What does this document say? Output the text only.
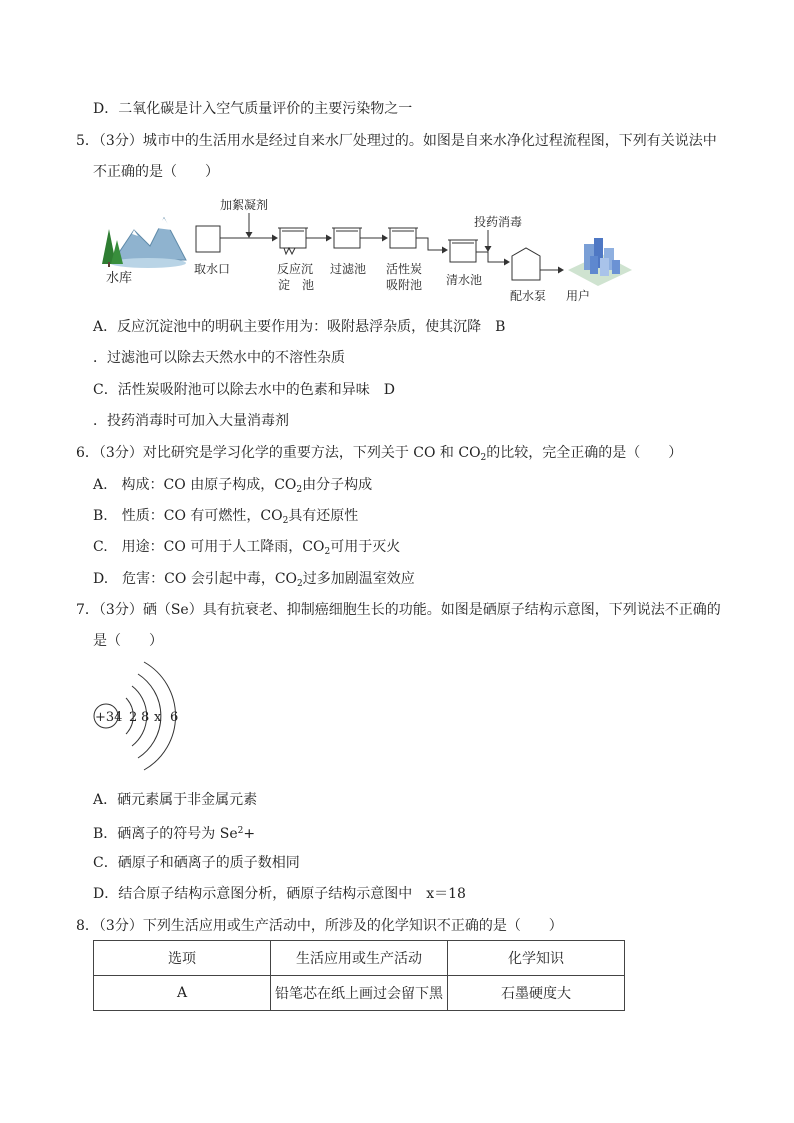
D．二氧化碳是计入空气质量评价的主要污染物之一
5．（3分）城市中的生活用水是经过自来水厂处理过的。如图是自来水净化过程流程图，下列有关说法中
不正确的是（　　）
水库
取水口
加絮凝剂
反应沉
淀　池
过滤池 活性炭
吸附池 清水池
投药消毒
配水泵 用户
A．反应沉淀池中的明矾主要作用为：吸附悬浮杂质，使其沉降　B
．过滤池可以除去天然水中的不溶性杂质
C．活性炭吸附池可以除去水中的色素和异味　D
．投药消毒时可加入大量消毒剂
6．（3分）对比研究是学习化学的重要方法，下列关于 CO 和 $CO_2$的比较，完全正确的是（　　）
A.　构成：CO 由原子构成，$CO_2$由分子构成
B.　性质：CO 有可燃性，$CO_2$具有还原性
C.　用途：CO 可用于人工降雨，$CO_2$可用于灭火
D.　危害：CO 会引起中毒，$CO_2$过多加剧温室效应
7．（3分）硒（Se）具有抗衰老、抑制癌细胞生长的功能。如图是硒原子结构示意图，下列说法不正确的
是（　　）
+34 2 8 x 6
A．硒元素属于非金属元素
B．硒离子的符号为 $Se^2+$
C．硒原子和硒离子的质子数相同
D．结合原子结构示意图分析，硒原子结构示意图中　x＝18
8．（3分）下列生活应用或生产活动中，所涉及的化学知识不正确的是（　　）
选项	生活应用或生产活动	化学知识
A	铅笔芯在纸上画过会留下黑	石墨硬度大
